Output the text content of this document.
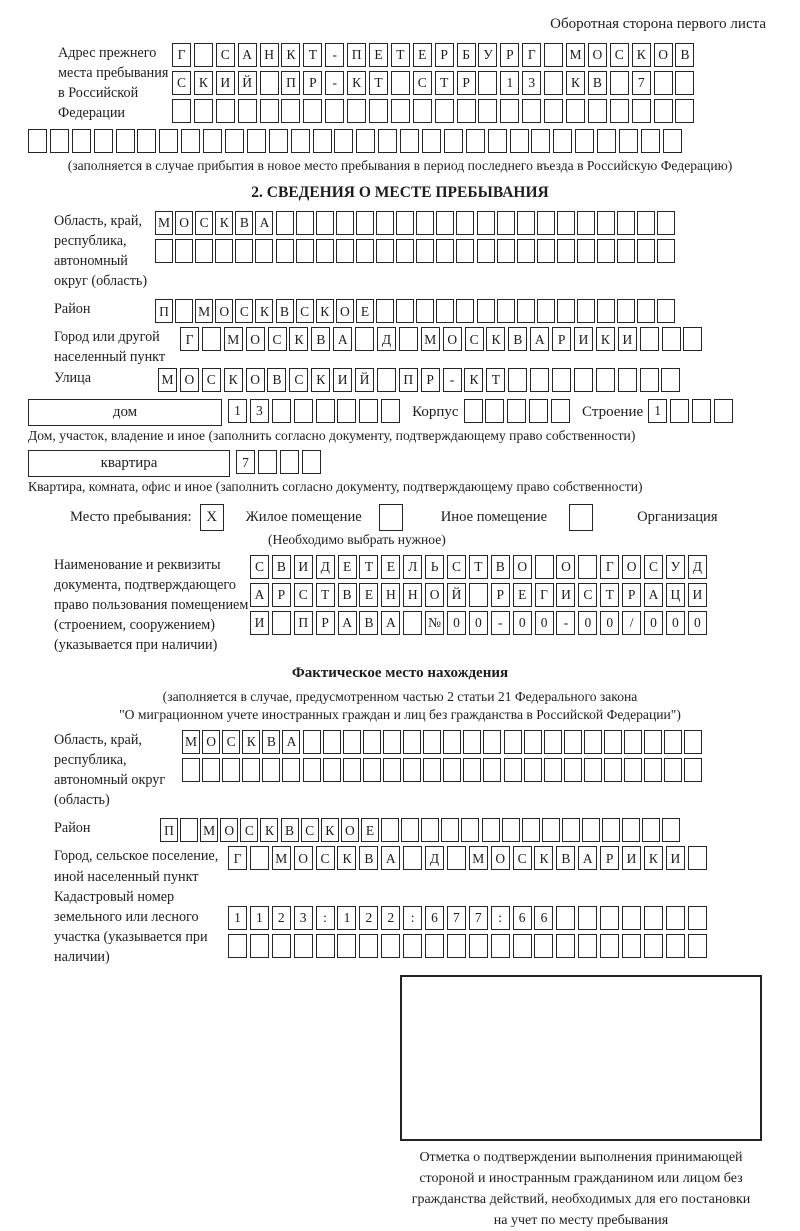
Оборотная сторона первого листа
Адрес прежнего места пребывания в Российской Федерации
Г	С А Н К Т	-	П Е	Т	Е	Р	Б У Р	Г	М О С К О В
С К И Й	П Р	-	К Т	С Т	Р	1	3	К В	7
(заполняется в случае прибытия в новое место пребывания в период последнего въезда в Российскую Федерацию)
2. СВЕДЕНИЯ О МЕСТЕ ПРЕБЫВАНИЯ
Область, край, республика, автономный округ (область)
М О С К В А
Район	П	М О С К В С К О Е
Город или другой населенный пункт
Г	М О С К В А	Д	М О С К В А Р И К И
Улица	М О С К О В С К И Й	П Р	-	К Т
дом	1	3	Корпус	Строение 1
Дом, участок, владение и иное (заполнить согласно документу, подтверждающему право собственности)
квартира	7
Квартира, комната, офис и иное (заполнить согласно документу, подтверждающему право собственности)
Место пребывания: X	Жилое помещение	Иное помещение	Организация
(Необходимо выбрать нужное)
Наименование и реквизиты документа, подтверждающего право пользования помещением (строением, сооружением) (указывается при наличии)
С В И Д Е	Т	Е Л Ь	С Т В О	О	Г О С У Д
А Р	С Т В Е Н Н О Й	Р	Е	Г И С Т	Р А Ц И
И	П Р А В А	№ 0	0	-	0	0	-	0	0	/	0	0	0
Фактическое место нахождения
(заполняется в случае, предусмотренном частью 2 статьи 21 Федерального закона
"О миграционном учете иностранных граждан и лиц без гражданства в Российской Федерации")
Область, край, республика, автономный округ (область)
М О С К В А
Район	П	М О С К В С К О Е
Город, сельское поселение, иной населенный пункт
Г	М О С К В А	Д	М О С К В А Р И К И
Кадастровый номер земельного или лесного участка (указывается при наличии)
1	1	2	3	:	1	2	2	:	6	7	7	:	6	6
Отметка о подтверждении выполнения принимающей
стороной и иностранным гражданином или лицом без
гражданства действий, необходимых для его постановки
на учет по месту пребывания
